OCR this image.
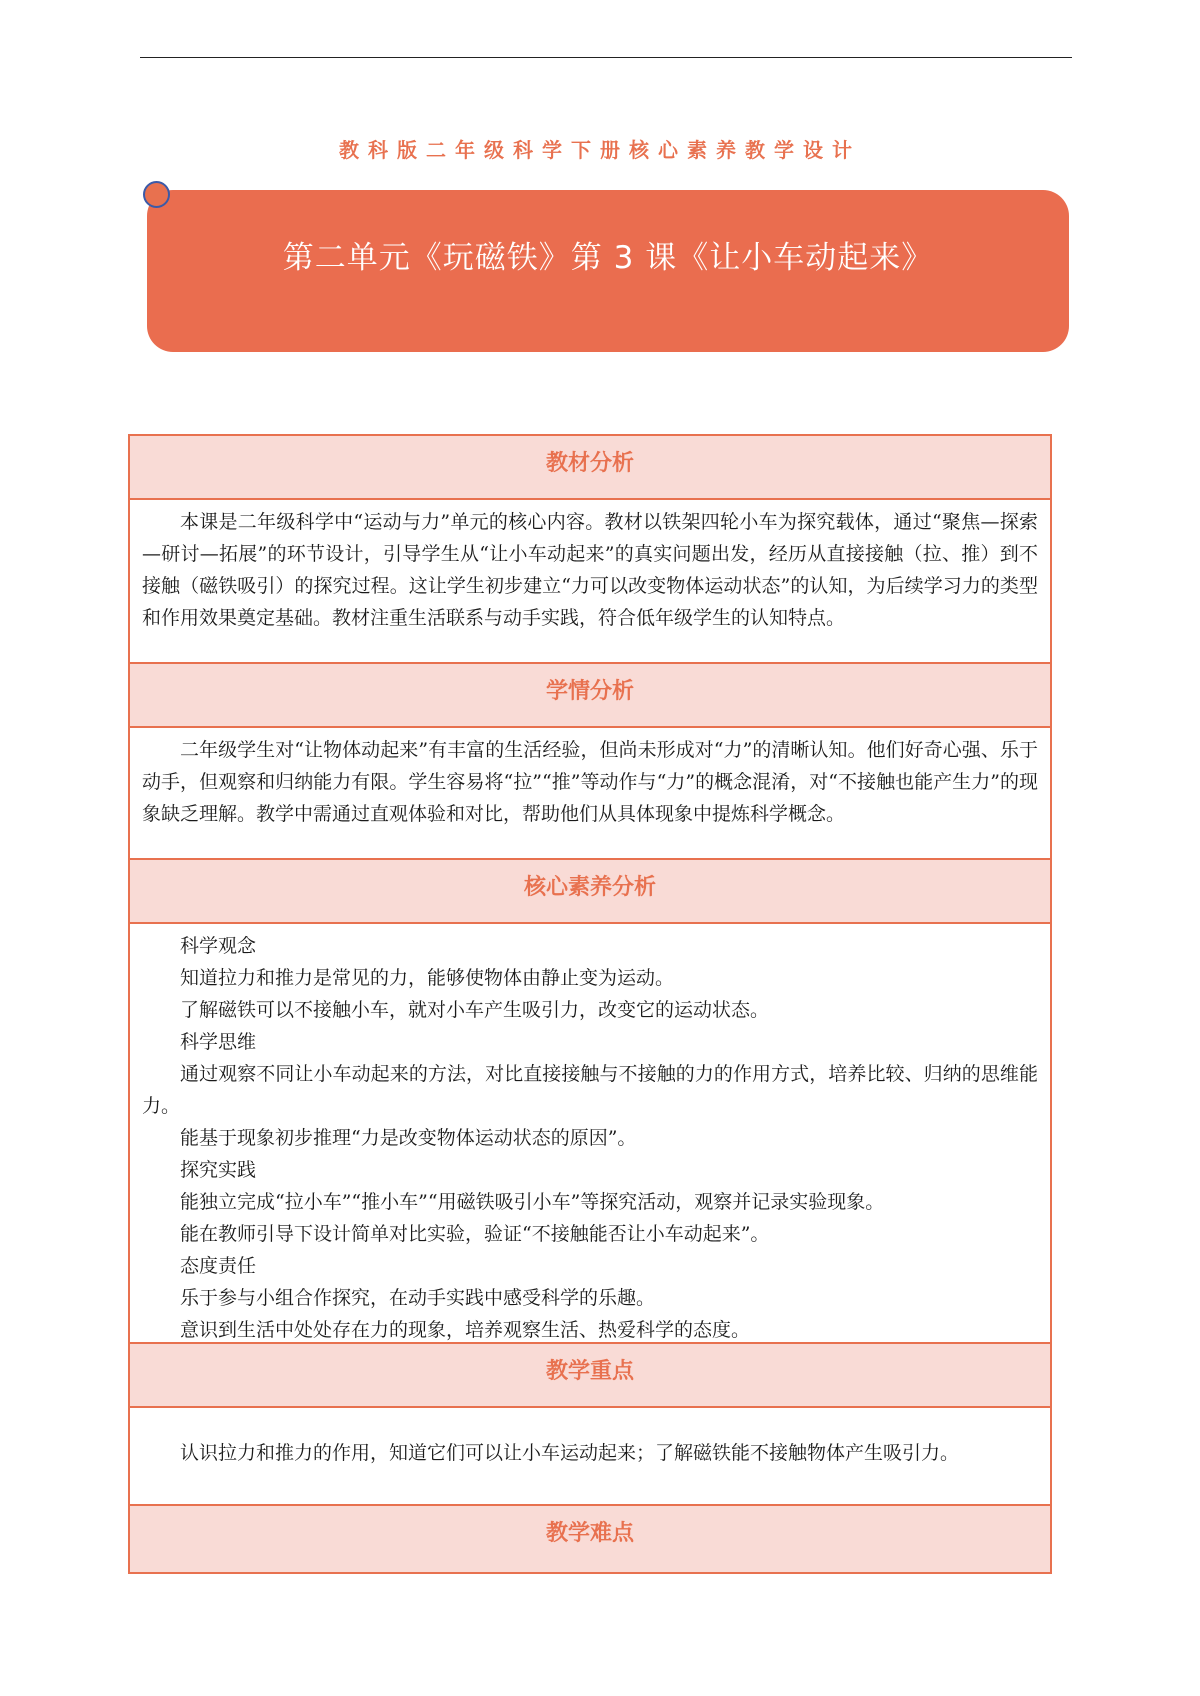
教科版二年级科学下册核心素养教学设计
第二单元《玩磁铁》第 3 课《让小车动起来》
教材分析

本课是二年级科学中“运动与力”单元的核心内容。教材以铁架四轮小车为探究载体，通过“聚焦—探索—研讨—拓展”的环节设计，引导学生从“让小车动起来”的真实问题出发，经历从直接接触（拉、推）到不接触（磁铁吸引）的探究过程。这让学生初步建立“力可以改变物体运动状态”的认知，为后续学习力的类型和作用效果奠定基础。教材注重生活联系与动手实践，符合低年级学生的认知特点。

学情分析

二年级学生对“让物体动起来”有丰富的生活经验，但尚未形成对“力”的清晰认知。他们好奇心强、乐于动手，但观察和归纳能力有限。学生容易将“拉”“推”等动作与“力”的概念混淆，对“不接触也能产生力”的现象缺乏理解。教学中需通过直观体验和对比，帮助他们从具体现象中提炼科学概念。

核心素养分析

科学观念

知道拉力和推力是常见的力，能够使物体由静止变为运动。

了解磁铁可以不接触小车，就对小车产生吸引力，改变它的运动状态。

科学思维

通过观察不同让小车动起来的方法，对比直接接触与不接触的力的作用方式，培养比较、归纳的思维能力。

能基于现象初步推理“力是改变物体运动状态的原因”。

探究实践

能独立完成“拉小车”“推小车”“用磁铁吸引小车”等探究活动，观察并记录实验现象。

能在教师引导下设计简单对比实验，验证“不接触能否让小车动起来”。

态度责任

乐于参与小组合作探究，在动手实践中感受科学的乐趣。

意识到生活中处处存在力的现象，培养观察生活、热爱科学的态度。

教学重点

认识拉力和推力的作用，知道它们可以让小车运动起来；了解磁铁能不接触物体产生吸引力。

教学难点
